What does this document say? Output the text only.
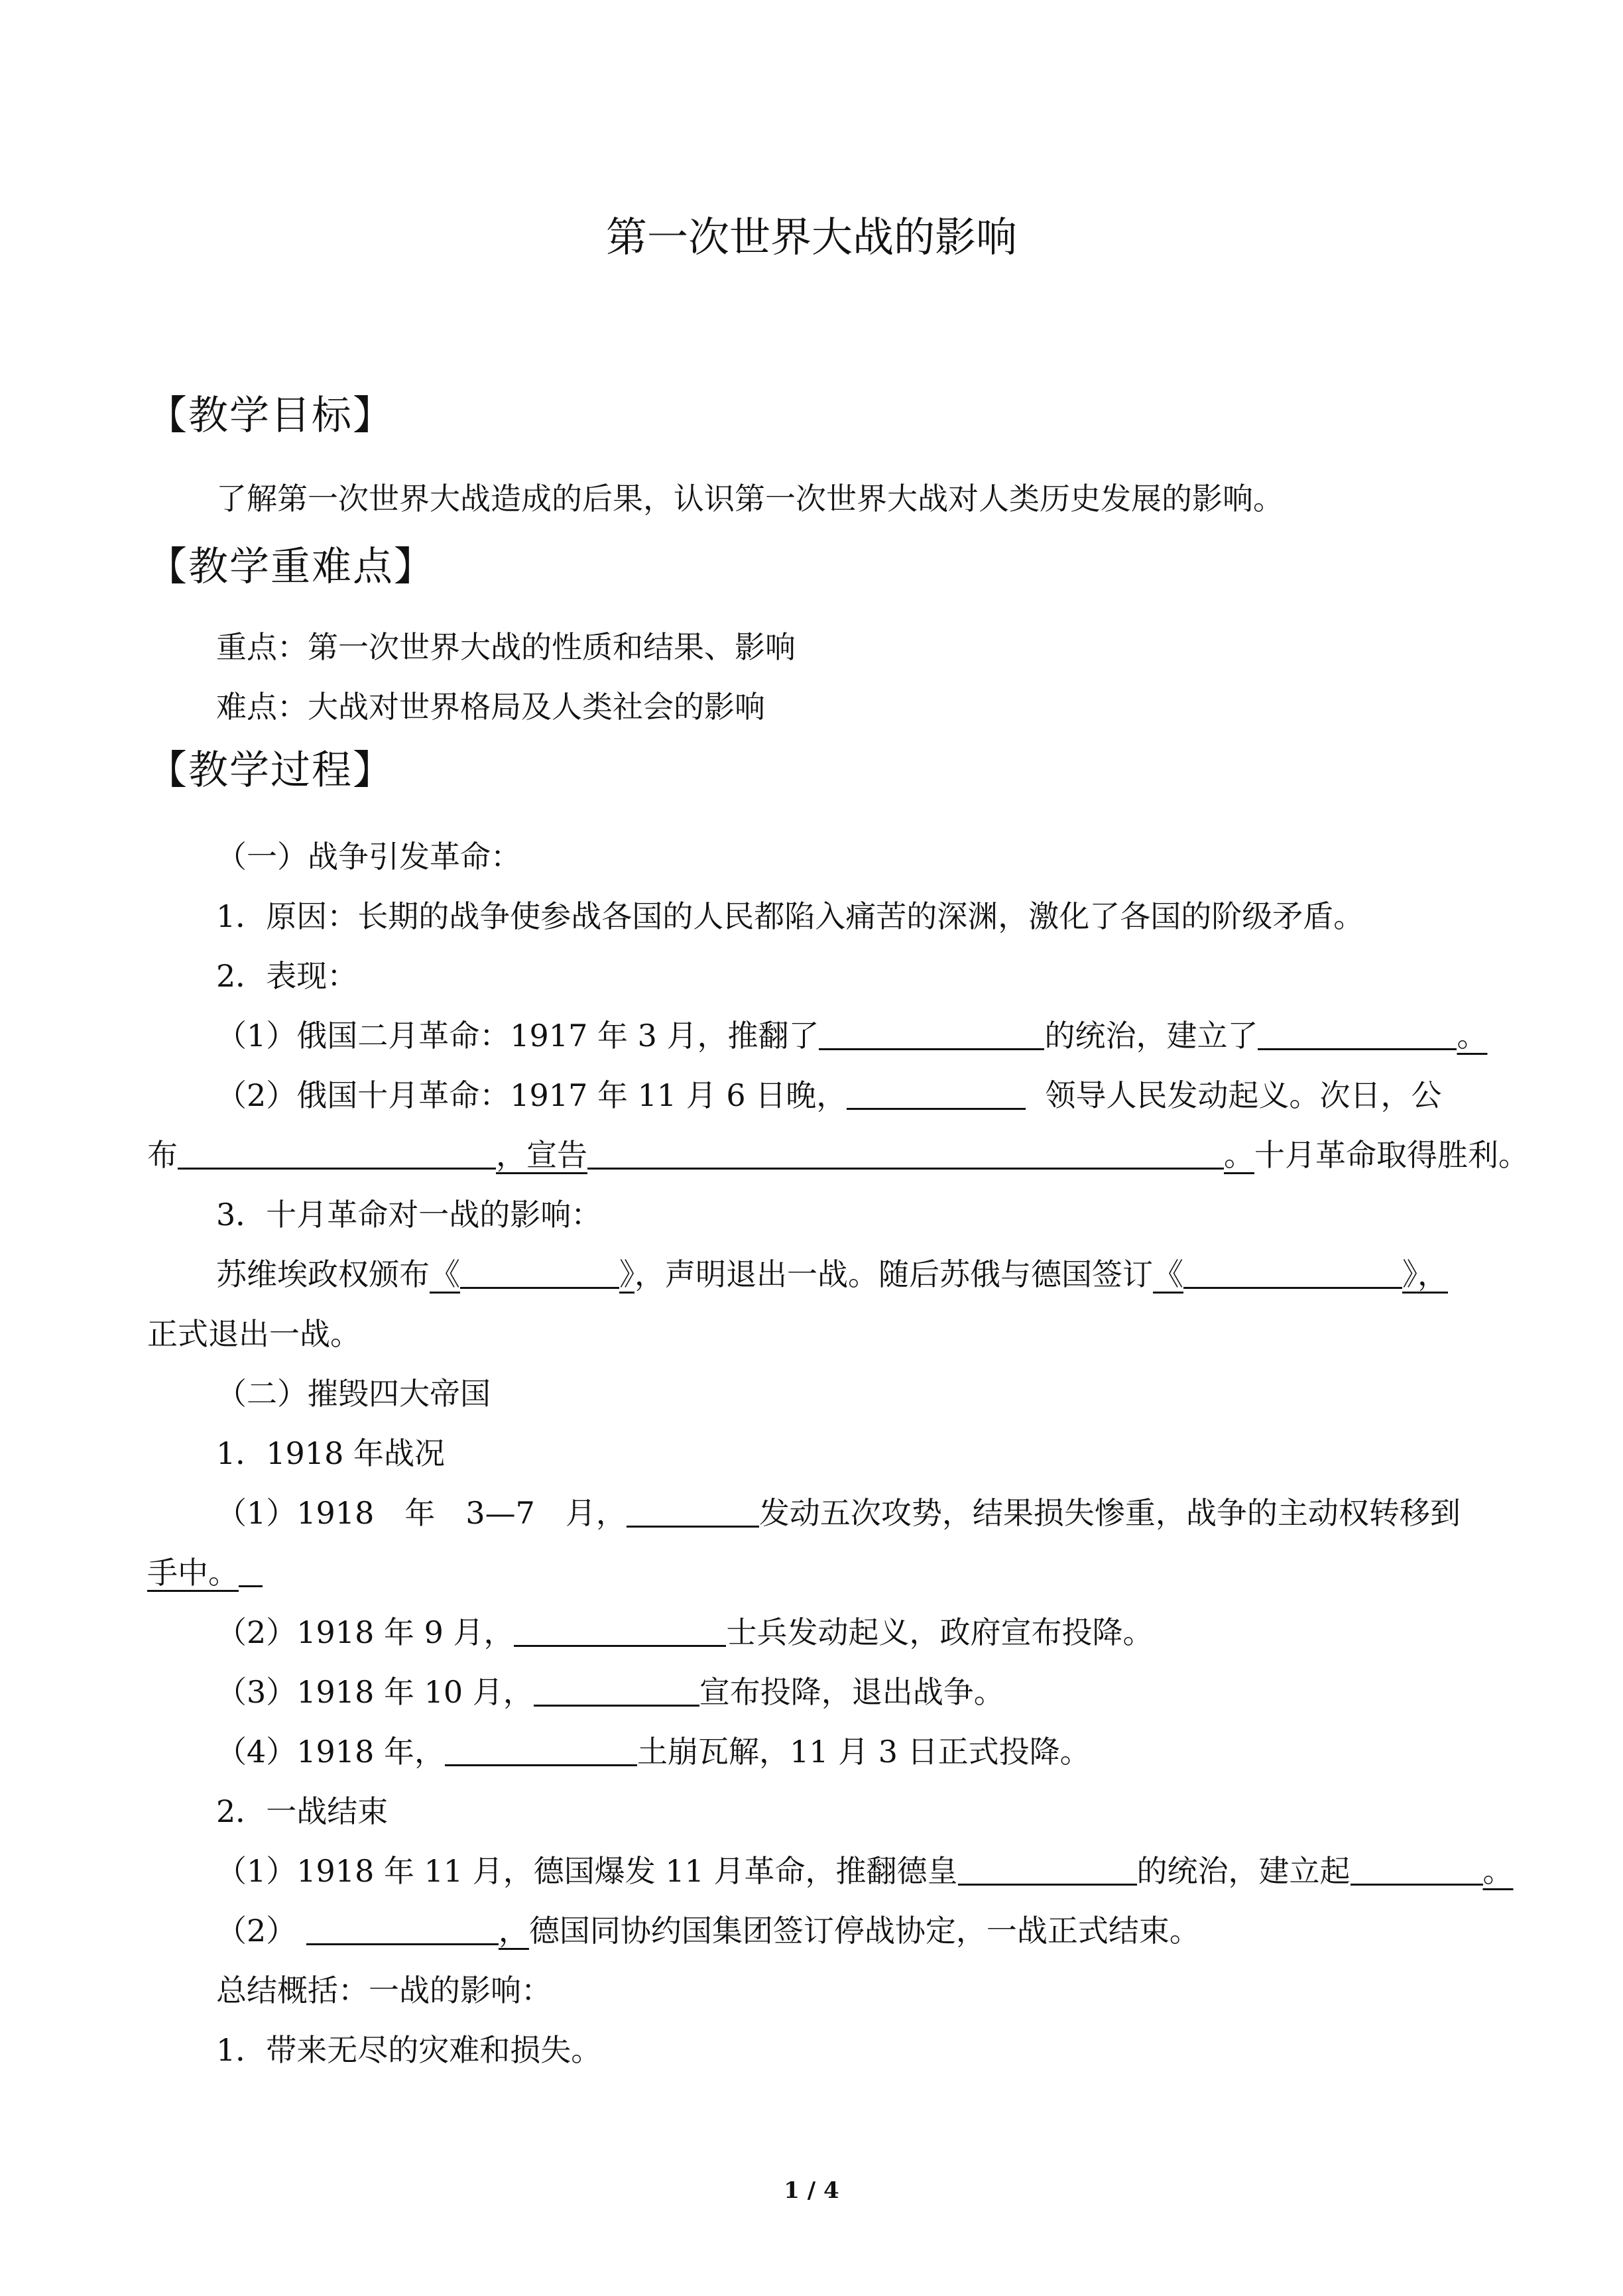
第一次世界大战的影响
【教学目标】
了解第一次世界大战造成的后果，认识第一次世界大战对人类历史发展的影响。
【教学重难点】
重点：第一次世界大战的性质和结果、影响
难点：大战对世界格局及人类社会的影响
【教学过程】
（一）战争引发革命：
1．原因：长期的战争使参战各国的人民都陷入痛苦的深渊，激化了各国的阶级矛盾。
2．表现：
（1）俄国二月革命：1917 年 3 月，推翻了	的统治，建立了	。
（2）俄国十月革命：1917 年 11 月 6 日晚，	领导人民发动起义。次日，公
布	，宣告	。十月革命取得胜利。
3．十月革命对一战的影响：
苏维埃政权颁布《	》，声明退出一战。随后苏俄与德国签订《	》，
正式退出一战。
（二）摧毁四大帝国
1．1918 年战况
（1）1918　年　3—7　月，	发动五次攻势，结果损失惨重，战争的主动权转移到
手中。
（2）1918 年 9 月，	士兵发动起义，政府宣布投降。
（3）1918 年 10 月，	宣布投降，退出战争。
（4）1918 年，	土崩瓦解，11 月 3 日正式投降。
2．一战结束
（1）1918 年 11 月，德国爆发 11 月革命，推翻德皇	的统治，建立起	。
（2）	，德国同协约国集团签订停战协定，一战正式结束。
总结概括：一战的影响：
1．带来无尽的灾难和损失。
1 / 4
